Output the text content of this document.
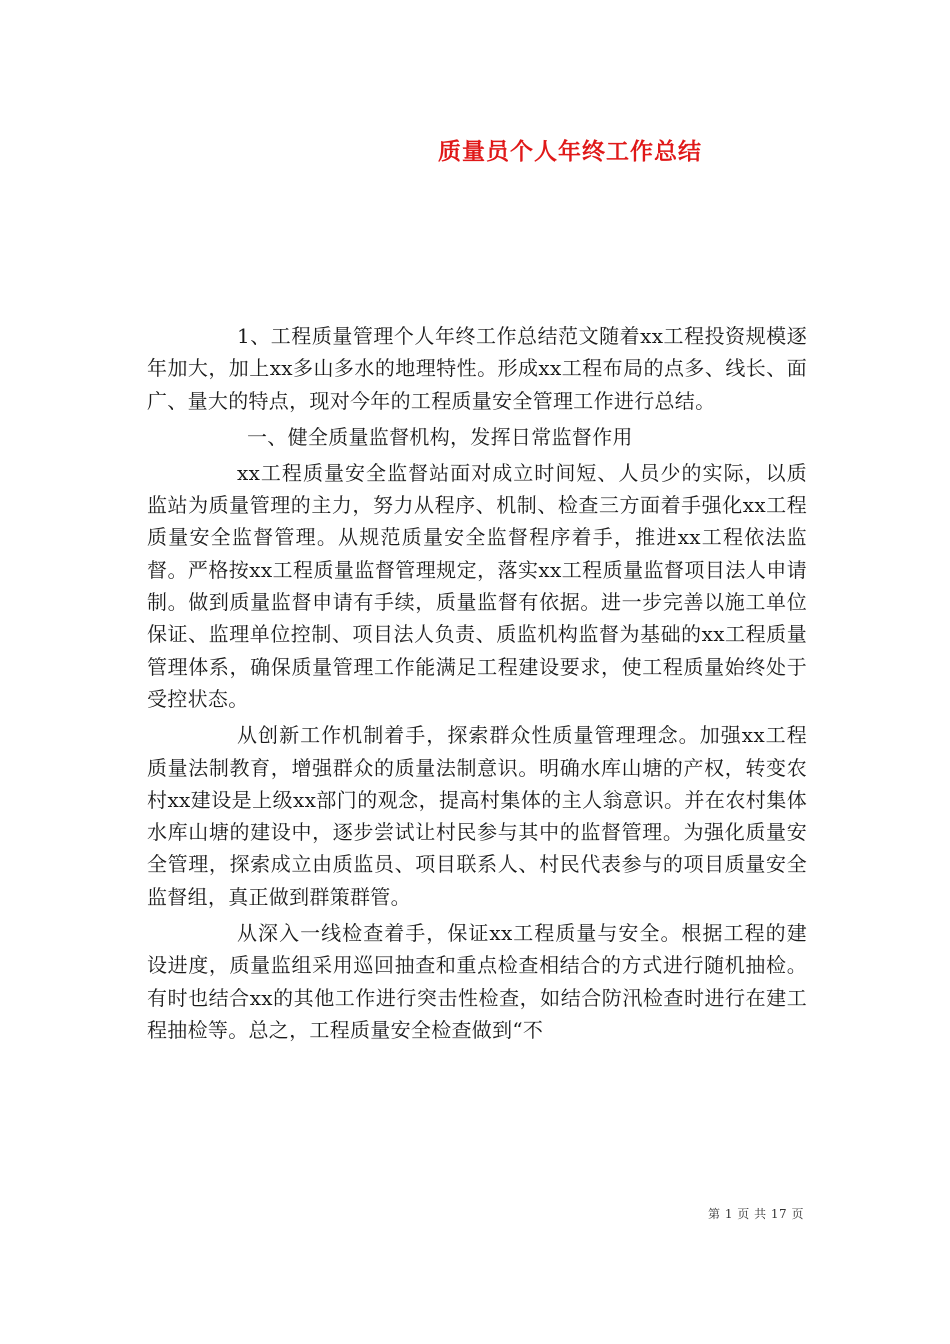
质量员个人年终工作总结

1、工程质量管理个人年终工作总结范文随着xx工程投资规模逐年加大，加上xx多山多水的地理特性。形成xx工程布局的点多、线长、面广、量大的特点，现对今年的工程质量安全管理工作进行总结。

一、健全质量监督机构，发挥日常监督作用

xx工程质量安全监督站面对成立时间短、人员少的实际，以质监站为质量管理的主力，努力从程序、机制、检查三方面着手强化xx工程质量安全监督管理。从规范质量安全监督程序着手，推进xx工程依法监督。严格按xx工程质量监督管理规定，落实xx工程质量监督项目法人申请制。做到质量监督申请有手续，质量监督有依据。进一步完善以施工单位保证、监理单位控制、项目法人负责、质监机构监督为基础的xx工程质量管理体系，确保质量管理工作能满足工程建设要求，使工程质量始终处于受控状态。

从创新工作机制着手，探索群众性质量管理理念。加强xx工程质量法制教育，增强群众的质量法制意识。明确水库山塘的产权，转变农村xx建设是上级xx部门的观念，提高村集体的主人翁意识。并在农村集体水库山塘的建设中，逐步尝试让村民参与其中的监督管理。为强化质量安全管理，探索成立由质监员、项目联系人、村民代表参与的项目质量安全监督组，真正做到群策群管。

从深入一线检查着手，保证xx工程质量与安全。根据工程的建设进度，质量监组采用巡回抽查和重点检查相结合的方式进行随机抽检。有时也结合xx的其他工作进行突击性检查，如结合防汛检查时进行在建工程抽检等。总之，工程质量安全检查做到“不

第 1 页 共 17 页
